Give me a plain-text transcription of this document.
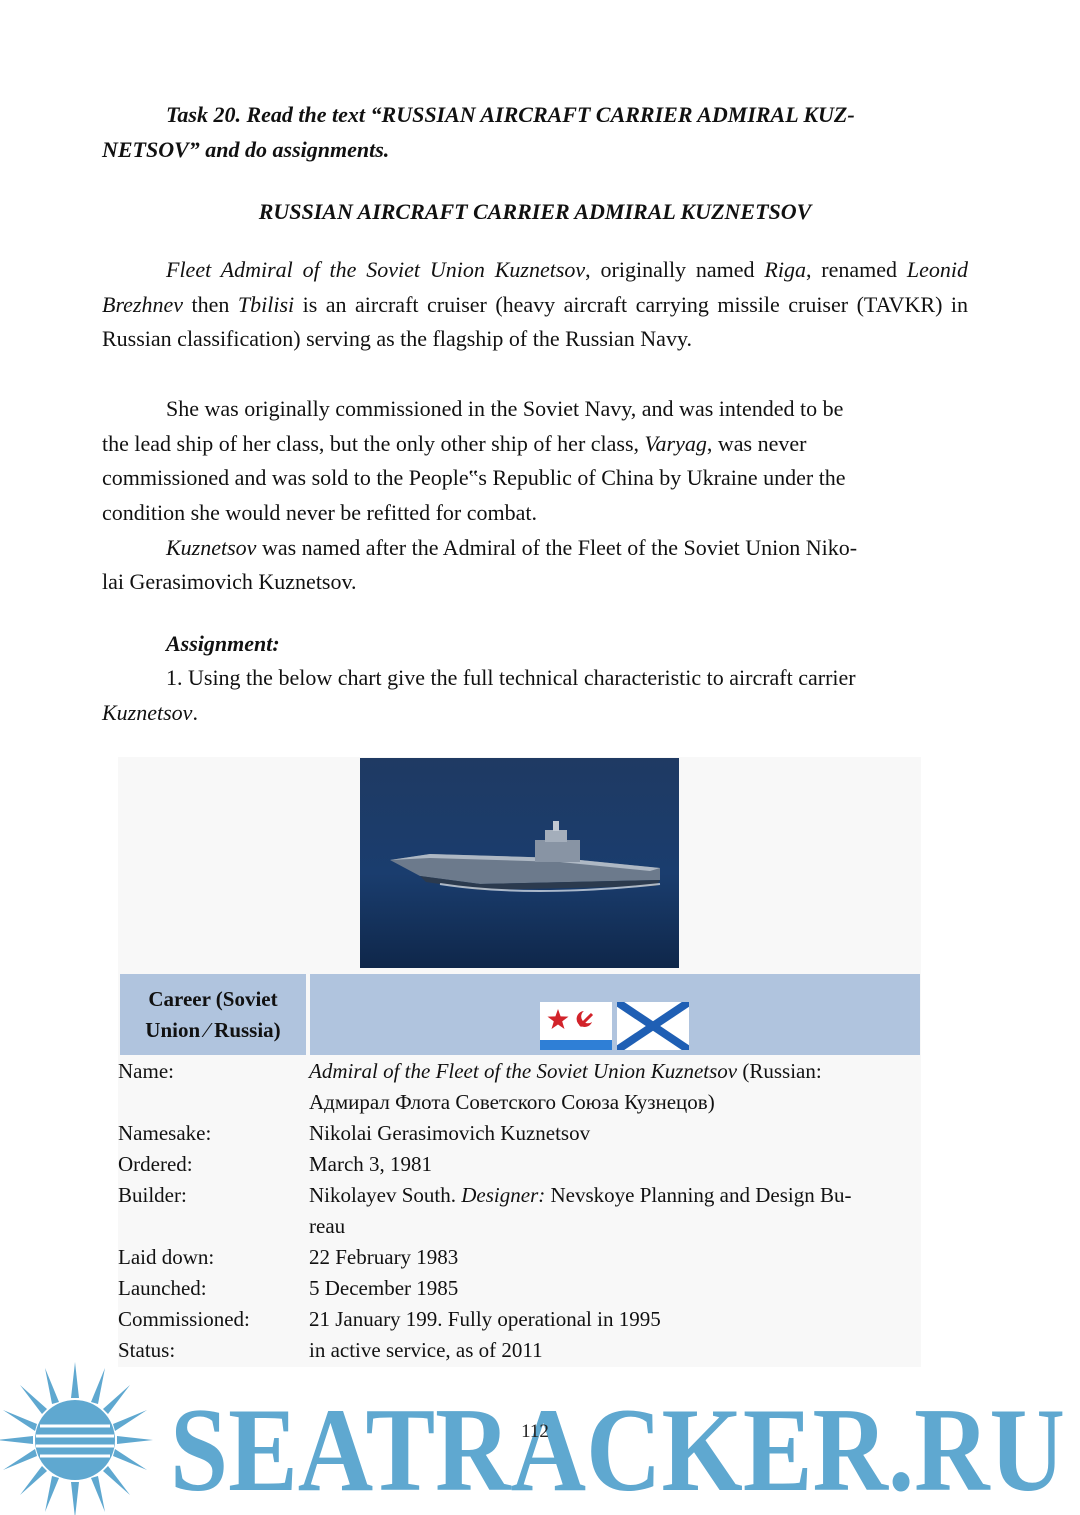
Task 20. Read the text “RUSSIAN AIRCRAFT CARRIER ADMIRAL KUZ-

NETSOV” and do assignments.

RUSSIAN AIRCRAFT CARRIER ADMIRAL KUZNETSOV

Fleet Admiral of the Soviet Union Kuznetsov, originally named Riga, renamed Leonid Brezhnev then Tbilisi is an aircraft cruiser (heavy aircraft carrying missile cruiser (TAVKR) in Russian classification) serving as the flagship of the Russian Navy.

She was originally commissioned in the Soviet Navy, and was intended to be

the lead ship of her class, but the only other ship of her class, Varyag, was never

commissioned and was sold to the People‟s Republic of China by Ukraine under the

condition she would never be refitted for combat.

Kuznetsov was named after the Admiral of the Fleet of the Soviet Union Niko-

lai Gerasimovich Kuznetsov.

Assignment:

1. Using the below chart give the full technical characteristic to aircraft carrier

Kuznetsov.

Career (Soviet Union ⁄ Russia)
Name:	Admiral of the Fleet of the Soviet Union Kuznetsov (Russian:
Адмирал Флота Советского Союза Кузнецов)
Namesake:	Nikolai Gerasimovich Kuznetsov
Ordered:	March 3, 1981
Builder:	Nikolayev South. Designer: Nevskoye Planning and Design Bu-
reau
Laid down:	22 February 1983
Launched:	5 December 1985
Commissioned:	21 January 199. Fully operational in 1995
Status:	in active service, as of 2011
SEATRACKER.RU
112
